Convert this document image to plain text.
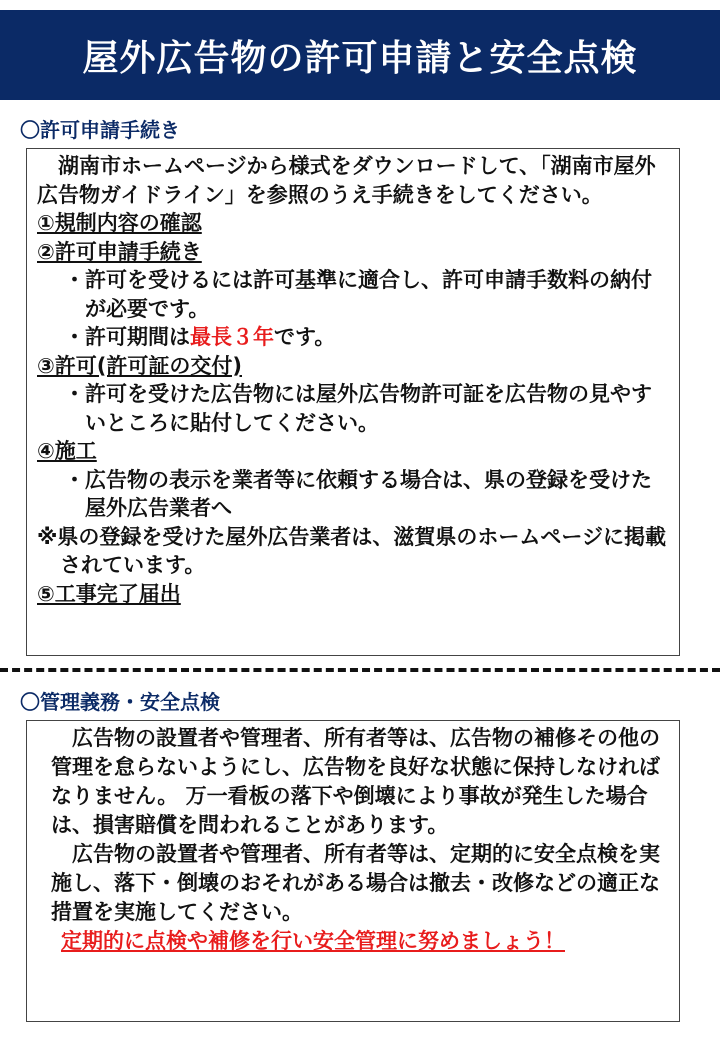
屋外広告物の許可申請と安全点検
〇許可申請手続き

湖南市ホームページから様式をダウンロードして、「湖南市屋外広告物ガイドライン」を参照のうえ手続きをしてください。

①規制内容の確認

②許可申請手続き

・許可を受けるには許可基準に適合し、許可申請手数料の納付が必要です。

・許可期間は最長３年です。

③許可(許可証の交付)

・許可を受けた広告物には屋外広告物許可証を広告物の見やすいところに貼付してください。

④施工

・広告物の表示を業者等に依頼する場合は、県の登録を受けた屋外広告業者へ

※県の登録を受けた屋外広告業者は、滋賀県のホームページに掲載されています。

⑤工事完了届出

〇管理義務・安全点検

広告物の設置者や管理者、所有者等は、広告物の補修その他の管理を怠らないようにし、広告物を良好な状態に保持しなければなりません。 万一看板の落下や倒壊により事故が発生した場合は、損害賠償を問われることがあります。

広告物の設置者や管理者、所有者等は、定期的に安全点検を実施し、落下・倒壊のおそれがある場合は撤去・改修などの適正な措置を実施してください。

定期的に点検や補修を行い安全管理に努めましょう！
